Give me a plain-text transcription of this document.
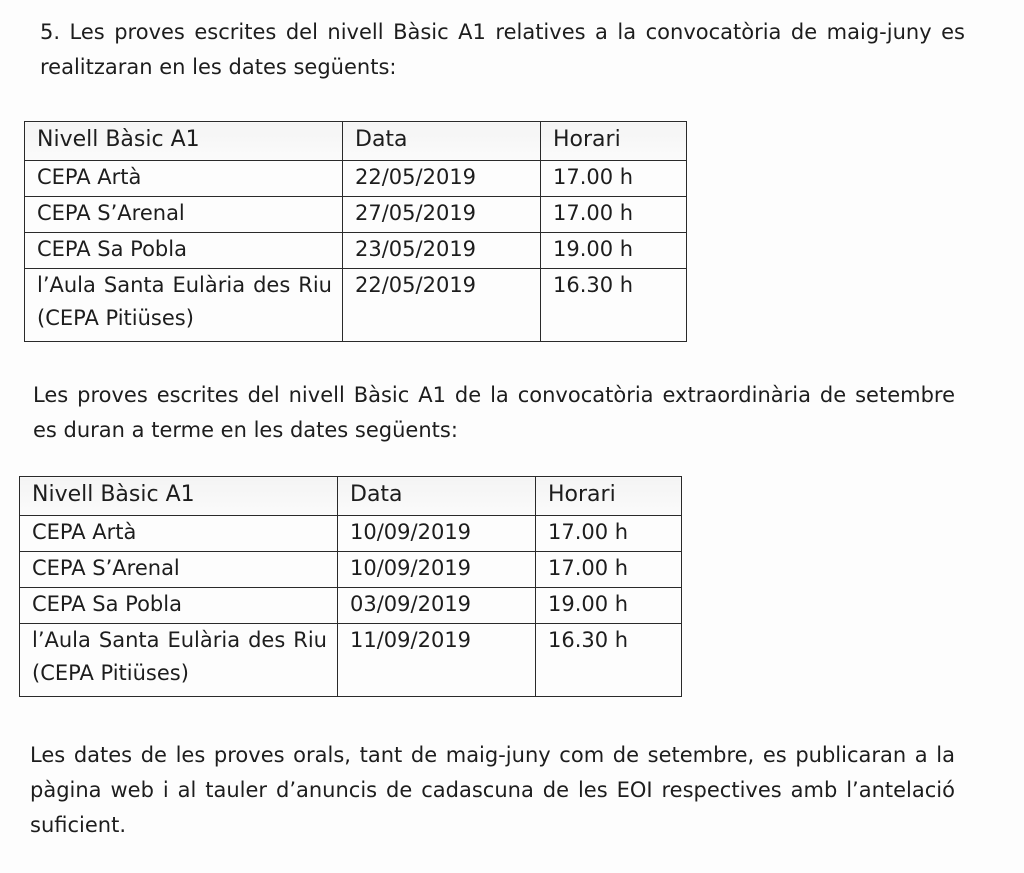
5. Les proves escrites del nivell Bàsic A1 relatives a la convocatòria de maig-juny es realitzaran en les dates següents:

Nivell Bàsic A1	Data	Horari
CEPA Artà	22/05/2019	17.00 h
CEPA S’Arenal	27/05/2019	17.00 h
CEPA Sa Pobla	23/05/2019	19.00 h
l’Aula Santa Eulària des Riu (CEPA Pitiüses)	22/05/2019	16.30 h

Les proves escrites del nivell Bàsic A1 de la convocatòria extraordinària de setembre es duran a terme en les dates següents:

Nivell Bàsic A1	Data	Horari
CEPA Artà	10/09/2019	17.00 h
CEPA S’Arenal	10/09/2019	17.00 h
CEPA Sa Pobla	03/09/2019	19.00 h
l’Aula Santa Eulària des Riu (CEPA Pitiüses)	11/09/2019	16.30 h

Les dates de les proves orals, tant de maig-juny com de setembre, es publicaran a la pàgina web i al tauler d’anuncis de cadascuna de les EOI respectives amb l’antelació suficient.
